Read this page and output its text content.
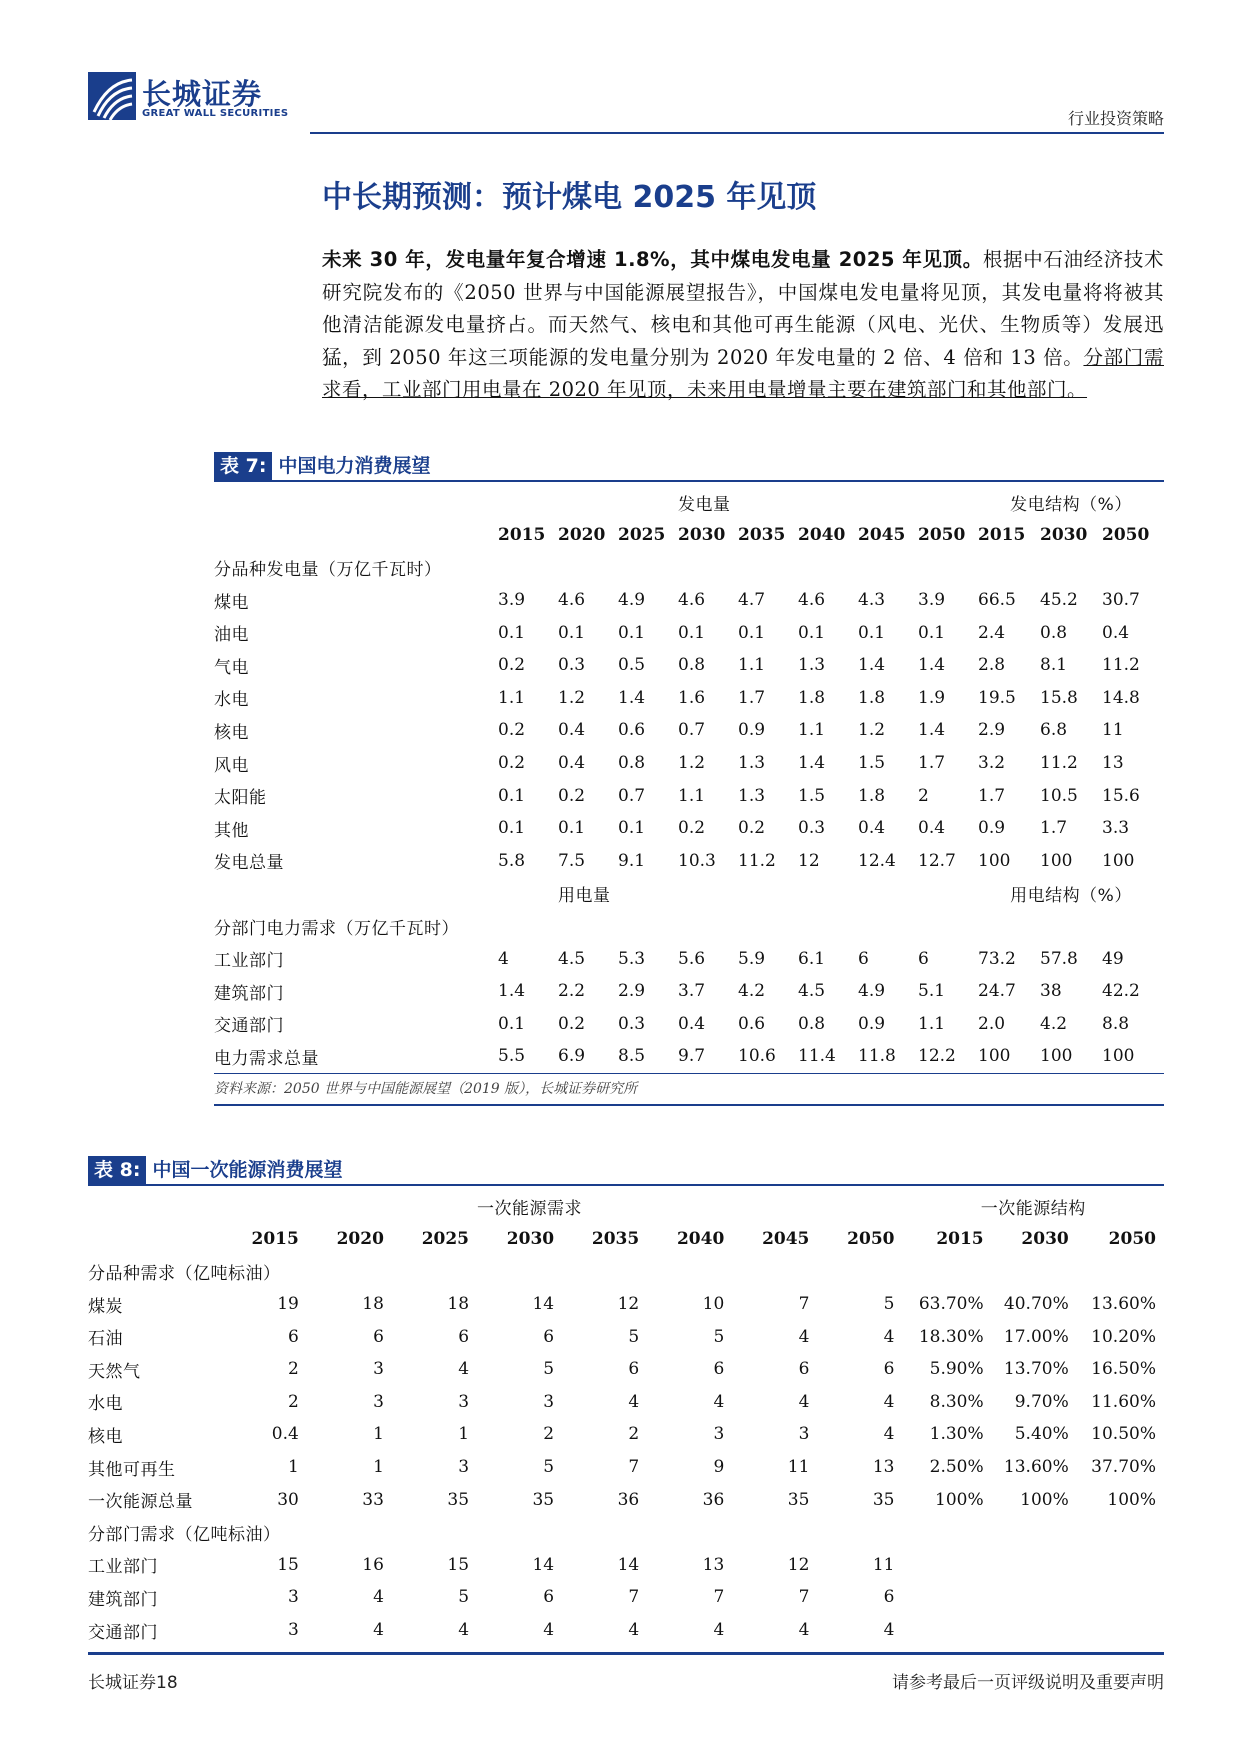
长城证券
GREAT WALL SECURITIES	行业投资策略
中长期预测：预计煤电 2025 年见顶
未来 30 年，发电量年复合增速 1.8%，其中煤电发电量 2025 年见顶。根据中石油经济技术研究院发布的《2050 世界与中国能源展望报告》，中国煤电发电量将见顶，其发电量将将被其他清洁能源发电量挤占。而天然气、核电和其他可再生能源（风电、光伏、生物质等）发展迅猛，到 2050 年这三项能源的发电量分别为 2020 年发电量的 2 倍、4 倍和 13 倍。分部门需求看，工业部门用电量在 2020 年见顶，未来用电量增量主要在建筑部门和其他部门。
表 7: 中国电力消费展望
				发电量					发电结构（%）		
	2015	2020	2025	2030	2035	2040	2045	2050	2015	2030	2050
分品种发电量（万亿千瓦时）											
煤电	3.9	4.6	4.9	4.6	4.7	4.6	4.3	3.9	66.5	45.2	30.7
油电	0.1	0.1	0.1	0.1	0.1	0.1	0.1	0.1	2.4	0.8	0.4
气电	0.2	0.3	0.5	0.8	1.1	1.3	1.4	1.4	2.8	8.1	11.2
水电	1.1	1.2	1.4	1.6	1.7	1.8	1.8	1.9	19.5	15.8	14.8
核电	0.2	0.4	0.6	0.7	0.9	1.1	1.2	1.4	2.9	6.8	11
风电	0.2	0.4	0.8	1.2	1.3	1.4	1.5	1.7	3.2	11.2	13
太阳能	0.1	0.2	0.7	1.1	1.3	1.5	1.8	2	1.7	10.5	15.6
其他	0.1	0.1	0.1	0.2	0.2	0.3	0.4	0.4	0.9	1.7	3.3
发电总量	5.8	7.5	9.1	10.3	11.2	12	12.4	12.7	100	100	100
		用电量							用电结构（%）		
分部门电力需求（万亿千瓦时）											
工业部门	4	4.5	5.3	5.6	5.9	6.1	6	6	73.2	57.8	49
建筑部门	1.4	2.2	2.9	3.7	4.2	4.5	4.9	5.1	24.7	38	42.2
交通部门	0.1	0.2	0.3	0.4	0.6	0.8	0.9	1.1	2.0	4.2	8.8
电力需求总量	5.5	6.9	8.5	9.7	10.6	11.4	11.8	12.2	100	100	100
资料来源：2050 世界与中国能源展望（2019 版），长城证券研究所
表 8: 中国一次能源消费展望
				一次能源需求					一次能源结构		
	2015	2020	2025	2030	2035	2040	2045	2050	2015	2030	2050
分品种需求（亿吨标油）											
煤炭	19	18	18	14	12	10	7	5	63.70%	40.70%	13.60%
石油	6	6	6	6	5	5	4	4	18.30%	17.00%	10.20%
天然气	2	3	4	5	6	6	6	6	5.90%	13.70%	16.50%
水电	2	3	3	3	4	4	4	4	8.30%	9.70%	11.60%
核电	0.4	1	1	2	2	3	3	4	1.30%	5.40%	10.50%
其他可再生	1	1	3	5	7	9	11	13	2.50%	13.60%	37.70%
一次能源总量	30	33	35	35	36	36	35	35	100%	100%	100%
分部门需求（亿吨标油）											
工业部门	15	16	15	14	14	13	12	11			
建筑部门	3	4	5	6	7	7	7	6			
交通部门	3	4	4	4	4	4	4	4			
长城证券18	请参考最后一页评级说明及重要声明
